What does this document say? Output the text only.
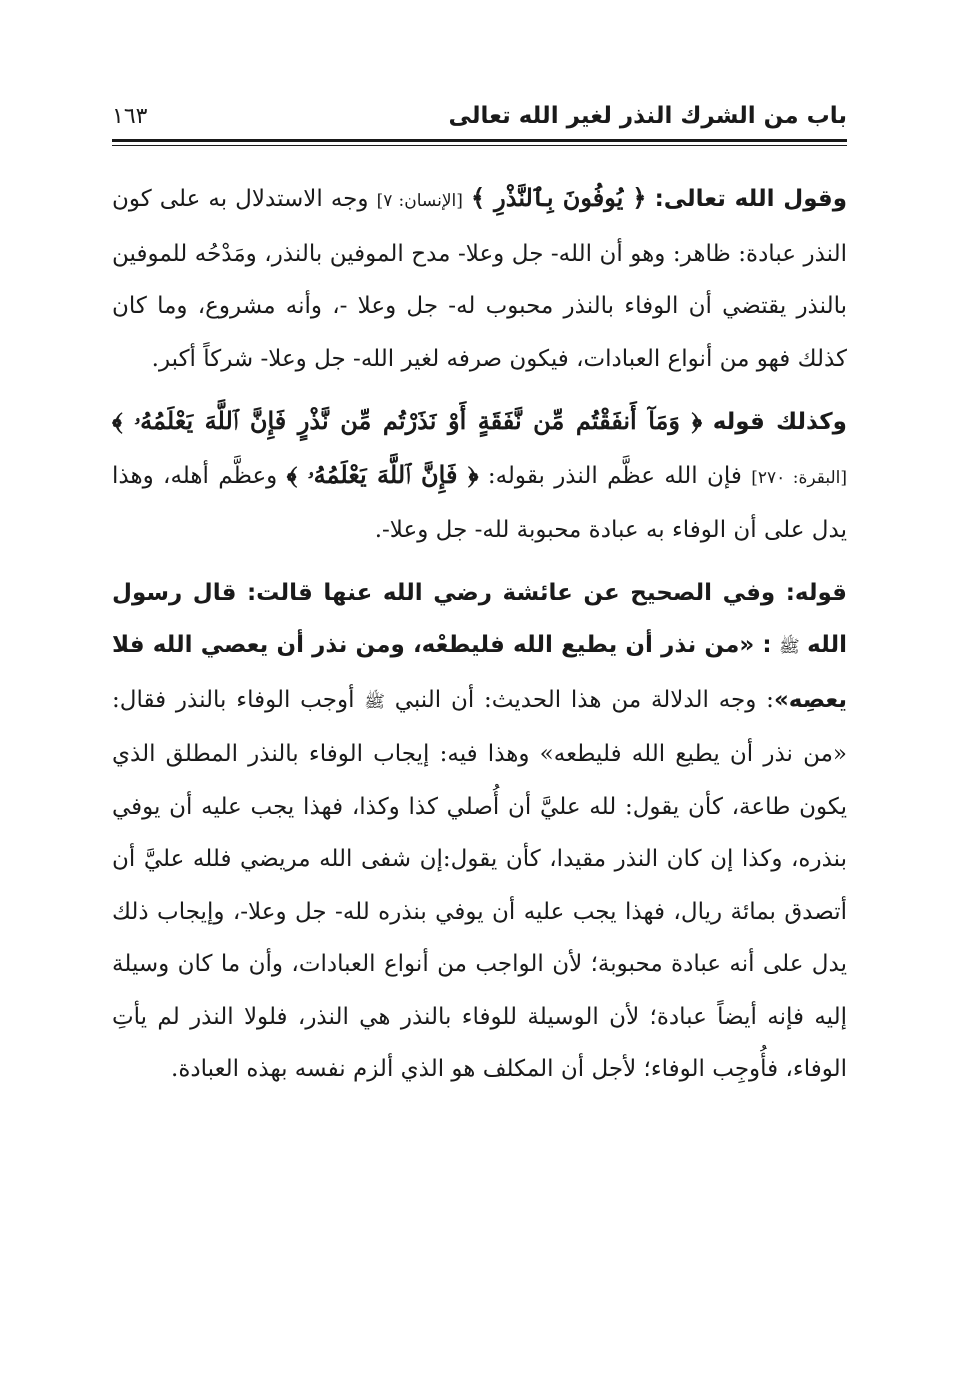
١٦٣	باب من الشرك النذر لغير الله تعالى

وقول الله تعالى: ﴿ يُوفُونَ بِٱلنَّذْرِ ﴾ [الإنسان: ٧] وجه الاستدلال به على كون النذر عبادة: ظاهر: وهو أن الله- جل وعلا- مدح الموفين بالنذر، ومَدْحُه للموفين بالنذر يقتضي أن الوفاء بالنذر محبوب له- جل وعلا -، وأنه مشروع، وما كان كذلك فهو من أنواع العبادات، فيكون صرفه لغير الله- جل وعلا- شركاً أكبر.

وكذلك قوله ﴿ وَمَآ أَنفَقْتُم مِّن نَّفَقَةٍ أَوْ نَذَرْتُم مِّن نَّذْرٍ فَإِنَّ ٱللَّهَ يَعْلَمُهُۥ ﴾ [البقرة: ٢٧٠] فإن الله عظَّم النذر بقوله: ﴿ فَإِنَّ ٱللَّهَ يَعْلَمُهُۥ ﴾ وعظَّم أهله، وهذا يدل على أن الوفاء به عبادة محبوبة لله- جل وعلا-.

قوله: وفي الصحيح عن عائشة رضي الله عنها قالت: قال رسول الله ﷺ : «من نذر أن يطيع الله فليطعْه، ومن نذر أن يعصي الله فلا يعصِه»: وجه الدلالة من هذا الحديث: أن النبي ﷺ أوجب الوفاء بالنذر فقال: «من نذر أن يطيع الله فليطعه» وهذا فيه: إيجاب الوفاء بالنذر المطلق الذي يكون طاعة، كأن يقول: لله عليَّ أن أُصلي كذا وكذا، فهذا يجب عليه أن يوفي بنذره، وكذا إن كان النذر مقيدا، كأن يقول:إن شفى الله مريضي فلله عليَّ أن أتصدق بمائة ريال، فهذا يجب عليه أن يوفي بنذره لله- جل وعلا-، وإيجاب ذلك يدل على أنه عبادة محبوبة؛ لأن الواجب من أنواع العبادات، وأن ما كان وسيلة إليه فإنه أيضاً عبادة؛ لأن الوسيلة للوفاء بالنذر هي النذر، فلولا النذر لم يأتِ الوفاء، فأُوجِب الوفاء؛ لأجل أن المكلف هو الذي ألزم نفسه بهذه العبادة.
